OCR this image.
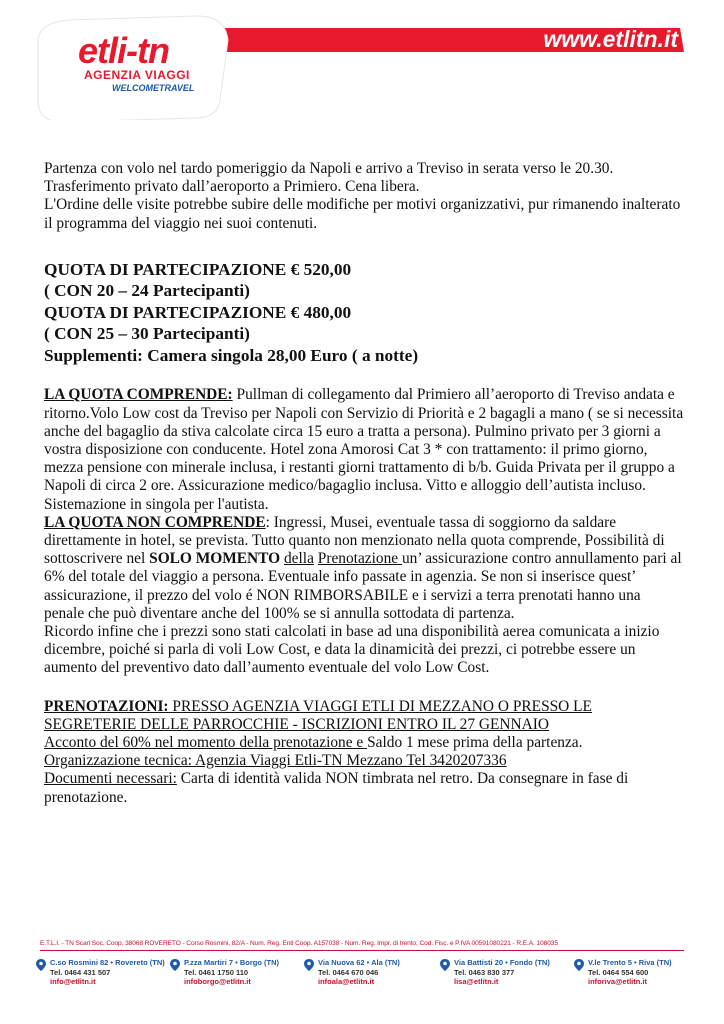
etli-tn
AGENZIA VIAGGI
WELCOMETRAVEL
www.etlitn.it

Partenza con volo nel tardo pomeriggio da Napoli e arrivo a Treviso in serata verso le 20.30.

Trasferimento privato dall’aeroporto a Primiero. Cena libera.

L'Ordine delle visite potrebbe subire delle modifiche per motivi organizzativi, pur rimanendo inalterato il programma del viaggio nei suoi contenuti.

QUOTA DI PARTECIPAZIONE € 520,00

( CON 20 – 24 Partecipanti)

QUOTA DI PARTECIPAZIONE € 480,00

( CON 25 – 30 Partecipanti)

Supplementi: Camera singola 28,00 Euro ( a notte)

LA QUOTA COMPRENDE: Pullman di collegamento dal Primiero all’aeroporto di Treviso andata e ritorno.Volo Low cost da Treviso per Napoli con Servizio di Priorità e 2 bagagli a mano ( se si necessita anche del bagaglio da stiva calcolate circa 15 euro a tratta a persona). Pulmino privato per 3 giorni a vostra disposizione con conducente. Hotel zona Amorosi Cat 3 * con trattamento: il primo giorno, mezza pensione con minerale inclusa, i restanti giorni trattamento di b/b. Guida Privata per il gruppo a Napoli di circa 2 ore. Assicurazione medico/bagaglio inclusa. Vitto e alloggio dell’autista incluso. Sistemazione in singola per l'autista.

LA QUOTA NON COMPRENDE: Ingressi, Musei, eventuale tassa di soggiorno da saldare direttamente in hotel, se prevista. Tutto quanto non menzionato nella quota comprende, Possibilità di sottoscrivere nel SOLO MOMENTO della Prenotazione un’ assicurazione contro annullamento pari al 6% del totale del viaggio a persona. Eventuale info passate in agenzia. Se non si inserisce quest’ assicurazione, il prezzo del volo é NON RIMBORSABILE e i servizi a terra prenotati hanno una penale che può diventare anche del 100% se si annulla sottodata di partenza.

Ricordo infine che i prezzi sono stati calcolati in base ad una disponibilità aerea comunicata a inizio dicembre, poiché si parla di voli Low Cost, e data la dinamicità dei prezzi, ci potrebbe essere un aumento del preventivo dato dall’aumento eventuale del volo Low Cost.

PRENOTAZIONI: PRESSO AGENZIA VIAGGI ETLI DI MEZZANO O PRESSO LE SEGRETERIE DELLE PARROCCHIE - ISCRIZIONI ENTRO IL 27 GENNAIO

Acconto del 60% nel momento della prenotazione e Saldo 1 mese prima della partenza.

Organizzazione tecnica: Agenzia Viaggi Etli-TN Mezzano Tel 3420207336

Documenti necessari: Carta di identità valida NON timbrata nel retro. Da consegnare in fase di prenotazione.

E.T.L.I. - TN Scarl Soc. Coop. 38068 ROVERETO - Corso Rosmini, 82/A - Num. Reg. Enti Coop. A157038 - Num. Reg. Impr. di trento, Cod. Fisc. e P.IVA 00591080221 - R.E.A. 108035
C.so Rosmini 82 • Rovereto (TN)
Tel. 0464 431 507
info@etlitn.it
P.zza Martiri 7 • Borgo (TN)
Tel. 0461 1750 110
infoborgo@etlitn.it
Via Nuova 62 • Ala (TN)
Tel. 0464 670 046
infoala@etlitn.it
Via Battisti 20 • Fondo (TN)
Tel. 0463 830 377
lisa@etlitn.it
V.le Trento 5 • Riva (TN)
Tel. 0464 554 600
inforiva@etlitn.it
